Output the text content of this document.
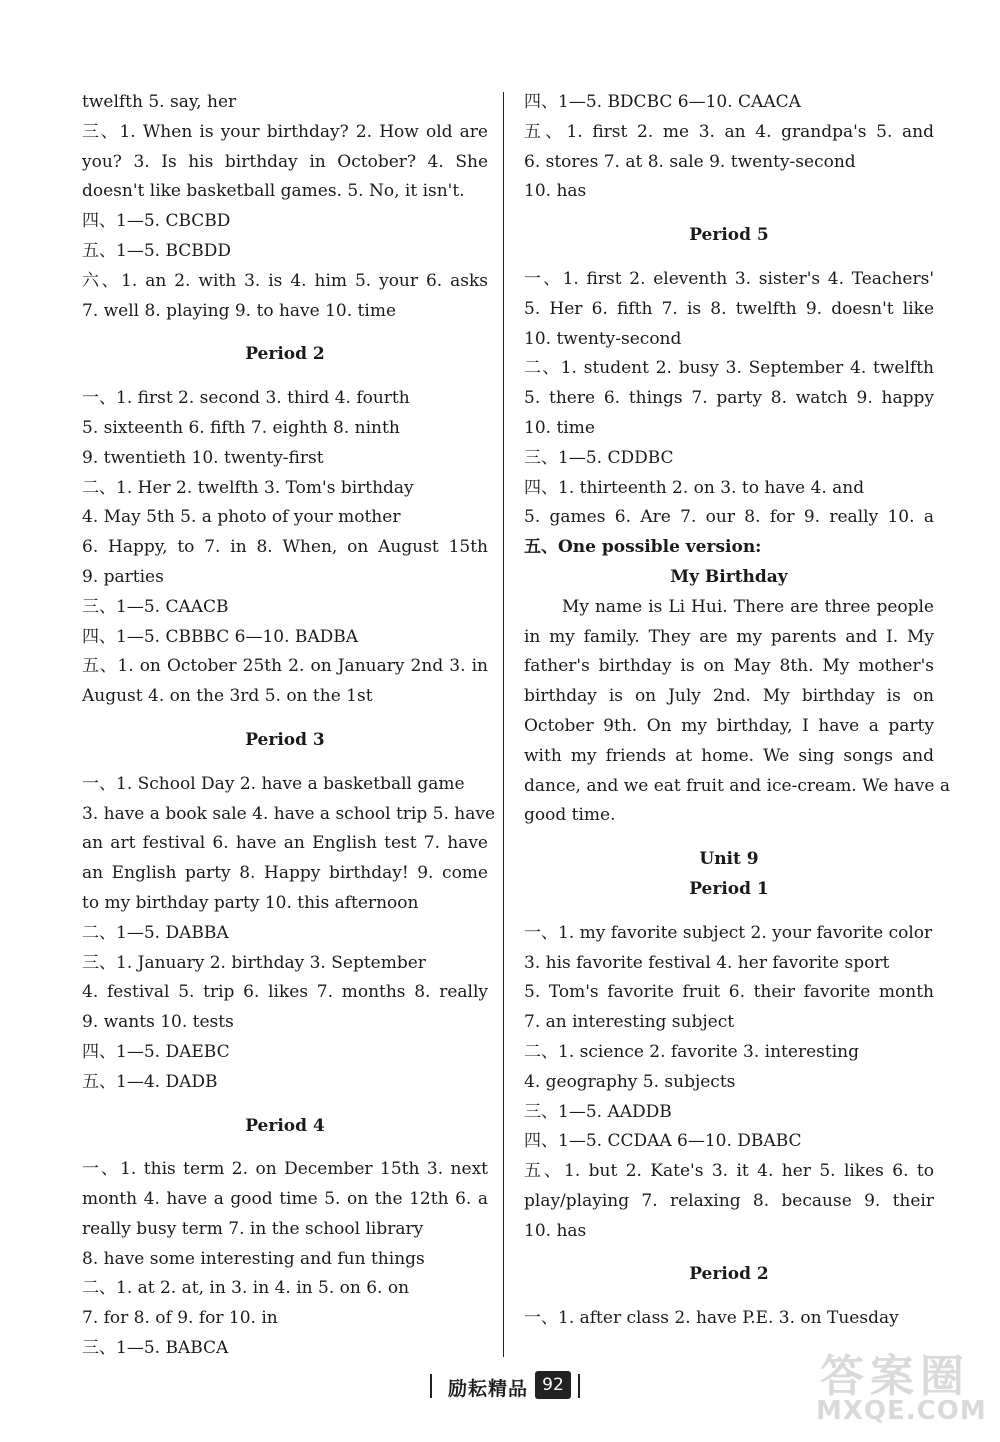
twelfth 5. say, her
三、1. When is your birthday? 2. How old are
you? 3. Is his birthday in October? 4. She
doesn't like basketball games. 5. No, it isn't.
四、1—5. CBCBD
五、1—5. BCBDD
六、1. an 2. with 3. is 4. him 5. your 6. asks
7. well 8. playing 9. to have 10. time
Period 2
一、1. first 2. second 3. third 4. fourth
5. sixteenth 6. fifth 7. eighth 8. ninth
9. twentieth 10. twenty-first
二、1. Her 2. twelfth 3. Tom's birthday
4. May 5th 5. a photo of your mother
6. Happy, to 7. in 8. When, on August 15th
9. parties
三、1—5. CAACB
四、1—5. CBBBC 6—10. BADBA
五、1. on October 25th 2. on January 2nd 3. in
August 4. on the 3rd 5. on the 1st
Period 3
一、1. School Day 2. have a basketball game
3. have a book sale 4. have a school trip 5. have
an art festival 6. have an English test 7. have
an English party 8. Happy birthday! 9. come
to my birthday party 10. this afternoon
二、1—5. DABBA
三、1. January 2. birthday 3. September
4. festival 5. trip 6. likes 7. months 8. really
9. wants 10. tests
四、1—5. DAEBC
五、1—4. DADB
Period 4
一、1. this term 2. on December 15th 3. next
month 4. have a good time 5. on the 12th 6. a
really busy term 7. in the school library
8. have some interesting and fun things
二、1. at 2. at, in 3. in 4. in 5. on 6. on
7. for 8. of 9. for 10. in
三、1—5. BABCA
四、1—5. BDCBC 6—10. CAACA
五、1. first 2. me 3. an 4. grandpa's 5. and
6. stores 7. at 8. sale 9. twenty-second
10. has
Period 5
一、1. first 2. eleventh 3. sister's 4. Teachers'
5. Her 6. fifth 7. is 8. twelfth 9. doesn't like
10. twenty-second
二、1. student 2. busy 3. September 4. twelfth
5. there 6. things 7. party 8. watch 9. happy
10. time
三、1—5. CDDBC
四、1. thirteenth 2. on 3. to have 4. and
5. games 6. Are 7. our 8. for 9. really 10. a
五、One possible version:
My Birthday
My name is Li Hui. There are three people
in my family. They are my parents and I. My
father's birthday is on May 8th. My mother's
birthday is on July 2nd. My birthday is on
October 9th. On my birthday, I have a party
with my friends at home. We sing songs and
dance, and we eat fruit and ice-cream. We have a
good time.
Unit 9
Period 1
一、1. my favorite subject 2. your favorite color
3. his favorite festival 4. her favorite sport
5. Tom's favorite fruit 6. their favorite month
7. an interesting subject
二、1. science 2. favorite 3. interesting
4. geography 5. subjects
三、1—5. AADDB
四、1—5. CCDAA 6—10. DBABC
五、1. but 2. Kate's 3. it 4. her 5. likes 6. to
play/playing 7. relaxing 8. because 9. their
10. has
Period 2
一、1. after class 2. have P.E. 3. on Tuesday
励耘精品 92	答案圈
MXQE.COM
